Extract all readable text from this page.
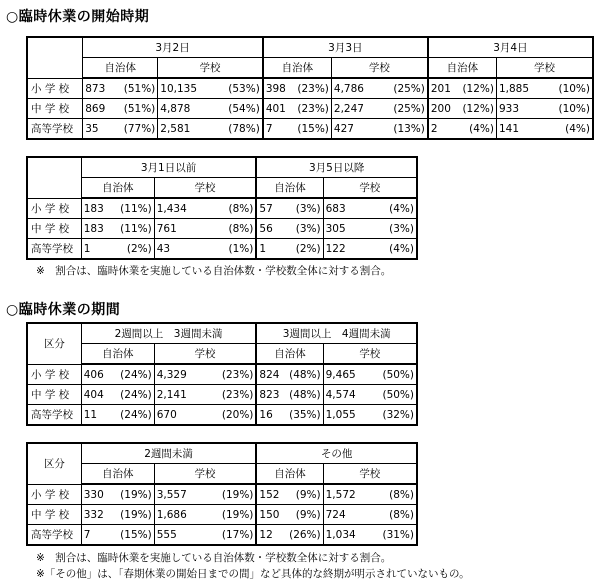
○臨時休業の開始時期
	3月2日		3月3日		3月4日	
	自治体	学校	自治体	学校	自治体	学校
小 学 校	873 (51%)	10,135 (53%)	398 (23%)	4,786 (25%)	201 (12%)	1,885 (10%)

中 学 校	869 (51%)	4,878 (54%)	401 (23%)	2,247 (25%)	200 (12%)	933 (10%)

高等学校	35 (77%)	2,581 (78%)	7 (15%)	427 (13%)	2 (4%)	141 (4%)
	3月1日以前		3月5日以降	
	自治体	学校	自治体	学校
小 学 校	183 (11%)	1,434 (8%)	57 (3%)	683 (4%)

中 学 校	183 (11%)	761 (8%)	56 (3%)	305 (3%)

高等学校	1 (2%)	43 (1%)	1 (2%)	122 (4%)
※　割合は、臨時休業を実施している自治体数・学校数全体に対する割合。
○臨時休業の期間
区分	2週間以上　3週間未満		3週間以上　4週間未満	
	自治体	学校	自治体	学校
小 学 校	406 (24%)	4,329 (23%)	824 (48%)	9,465 (50%)

中 学 校	404 (24%)	2,141 (23%)	823 (48%)	4,574 (50%)

高等学校	11 (24%)	670 (20%)	16 (35%)	1,055 (32%)
区分	2週間未満		その他	
	自治体	学校	自治体	学校
小 学 校	330 (19%)	3,557 (19%)	152 (9%)	1,572 (8%)

中 学 校	332 (19%)	1,686 (19%)	150 (9%)	724 (8%)

高等学校	7 (15%)	555 (17%)	12 (26%)	1,034 (31%)
※　割合は、臨時休業を実施している自治体数・学校数全体に対する割合。
※「その他」は、「春期休業の開始日までの間」など具体的な終期が明示されていないもの。
